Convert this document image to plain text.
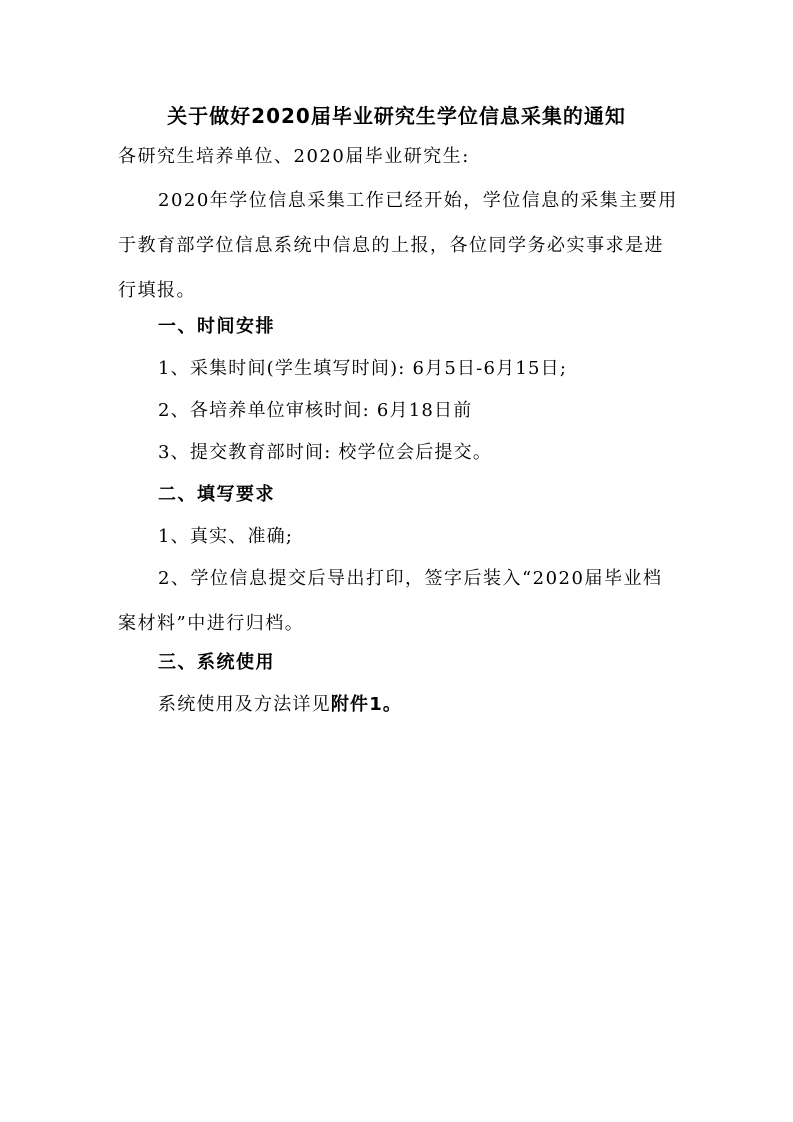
关于做好2020届毕业研究生学位信息采集的通知

各研究生培养单位、2020届毕业研究生:

2020年学位信息采集工作已经开始，学位信息的采集主要用于教育部学位信息系统中信息的上报，各位同学务必实事求是进行填报。

一、时间安排
1、采集时间(学生填写时间): 6月5日-6月15日;
2、各培养单位审核时间: 6月18日前
3、提交教育部时间: 校学位会后提交。
二、填写要求
1、真实、准确;

2、学位信息提交后导出打印，签字后装入“2020届毕业档案材料”中进行归档。

三、系统使用
系统使用及方法详见附件1。
